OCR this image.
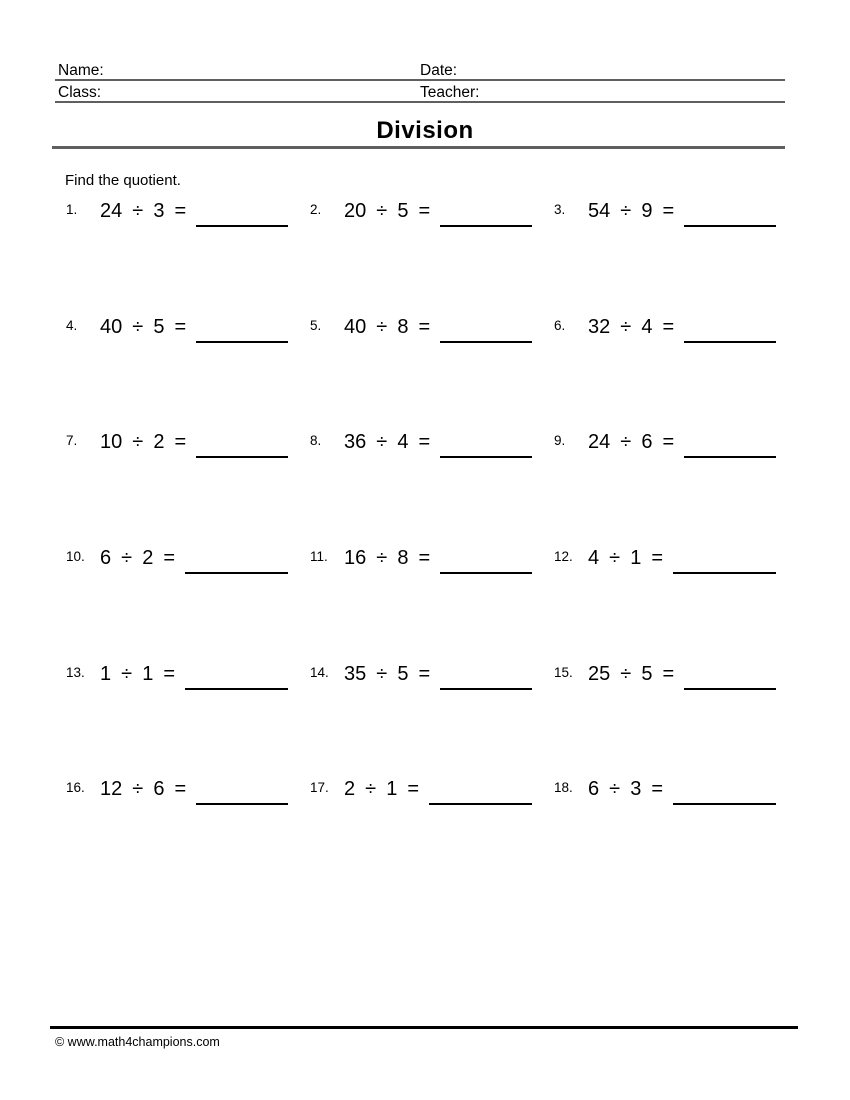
Name:	Date:
Class:	Teacher:
Division
Find the quotient.
1.	24 ÷ 3 =	2.	20 ÷ 5 =	3.	54 ÷ 9 =
4.	40 ÷ 5 =	5.	40 ÷ 8 =	6.	32 ÷ 4 =
7.	10 ÷ 2 =	8.	36 ÷ 4 =	9.	24 ÷ 6 =
10. 6 ÷ 2 =	11. 16 ÷ 8 =	12. 4 ÷ 1 =
13. 1 ÷ 1 =	14. 35 ÷ 5 =	15. 25 ÷ 5 =
16. 12 ÷ 6 =	17. 2 ÷ 1 =	18. 6 ÷ 3 =
© www.math4champions.com
